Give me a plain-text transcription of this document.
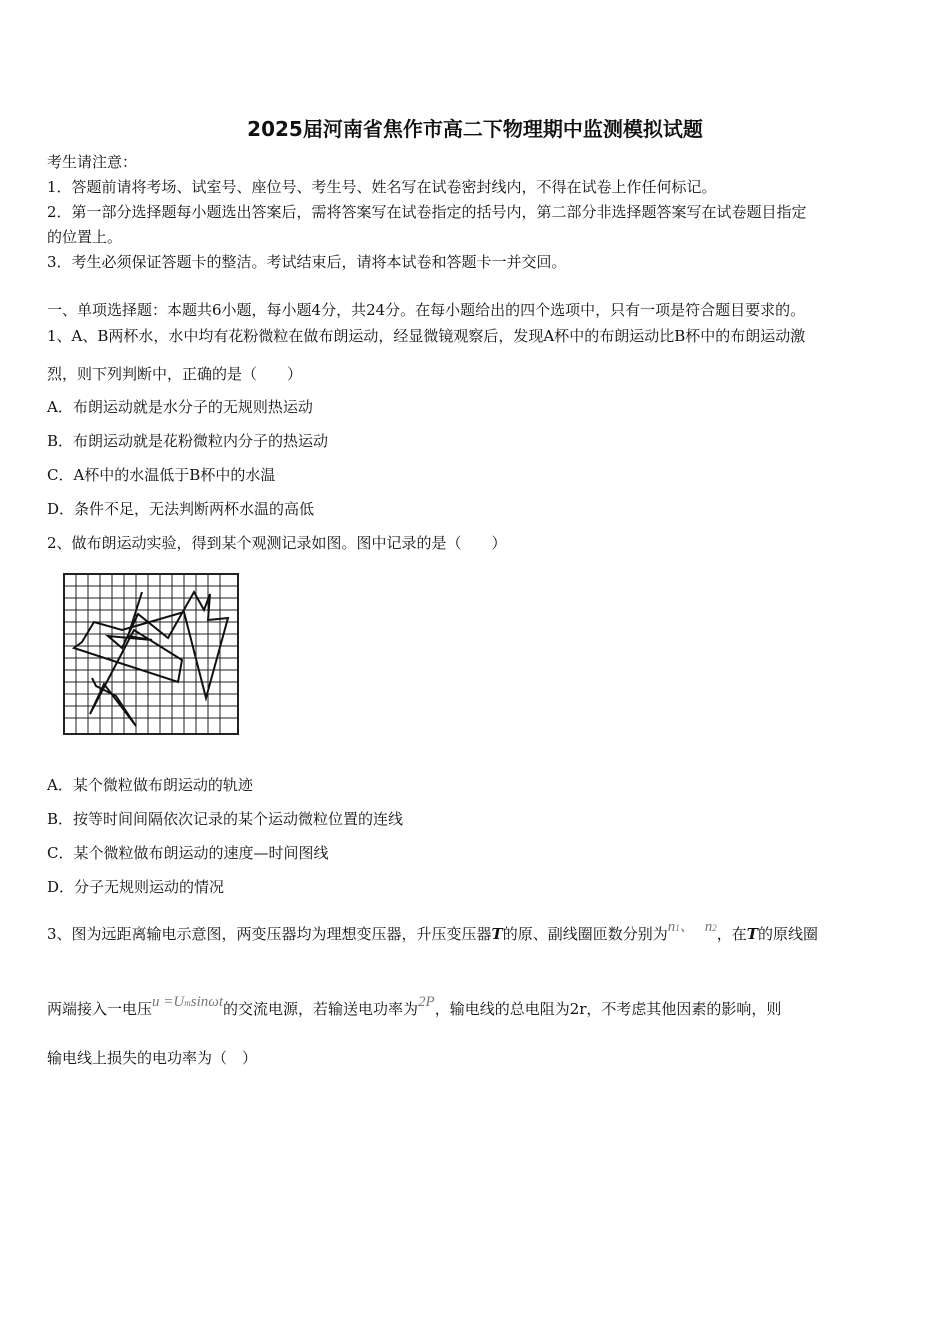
2025届河南省焦作市高二下物理期中监测模拟试题
考生请注意：
1．答题前请将考场、试室号、座位号、考生号、姓名写在试卷密封线内，不得在试卷上作任何标记。
2．第一部分选择题每小题选出答案后，需将答案写在试卷指定的括号内，第二部分非选择题答案写在试卷题目指定
的位置上。
3．考生必须保证答题卡的整洁。考试结束后，请将本试卷和答题卡一并交回。
一、单项选择题：本题共6小题，每小题4分，共24分。在每小题给出的四个选项中，只有一项是符合题目要求的。
1、A、B两杯水，水中均有花粉微粒在做布朗运动，经显微镜观察后，发现A杯中的布朗运动比B杯中的布朗运动激
烈，则下列判断中，正确的是（　　）
A．布朗运动就是水分子的无规则热运动
B．布朗运动就是花粉微粒内分子的热运动
C．A杯中的水温低于B杯中的水温
D．条件不足，无法判断两杯水温的高低
2、做布朗运动实验，得到某个观测记录如图。图中记录的是（　　）
A．某个微粒做布朗运动的轨迹
B．按等时间间隔依次记录的某个运动微粒位置的连线
C．某个微粒做布朗运动的速度—时间图线
D．分子无规则运动的情况
3、图为远距离输电示意图，两变压器均为理想变压器，升压变压器T的原、副线圈匝数分别为n1、 n2，在T的原线圈
两端接入一电压u =Umsinωt的交流电源，若输送电功率为2P，输电线的总电阻为2r，不考虑其他因素的影响，则
输电线上损失的电功率为（　）
